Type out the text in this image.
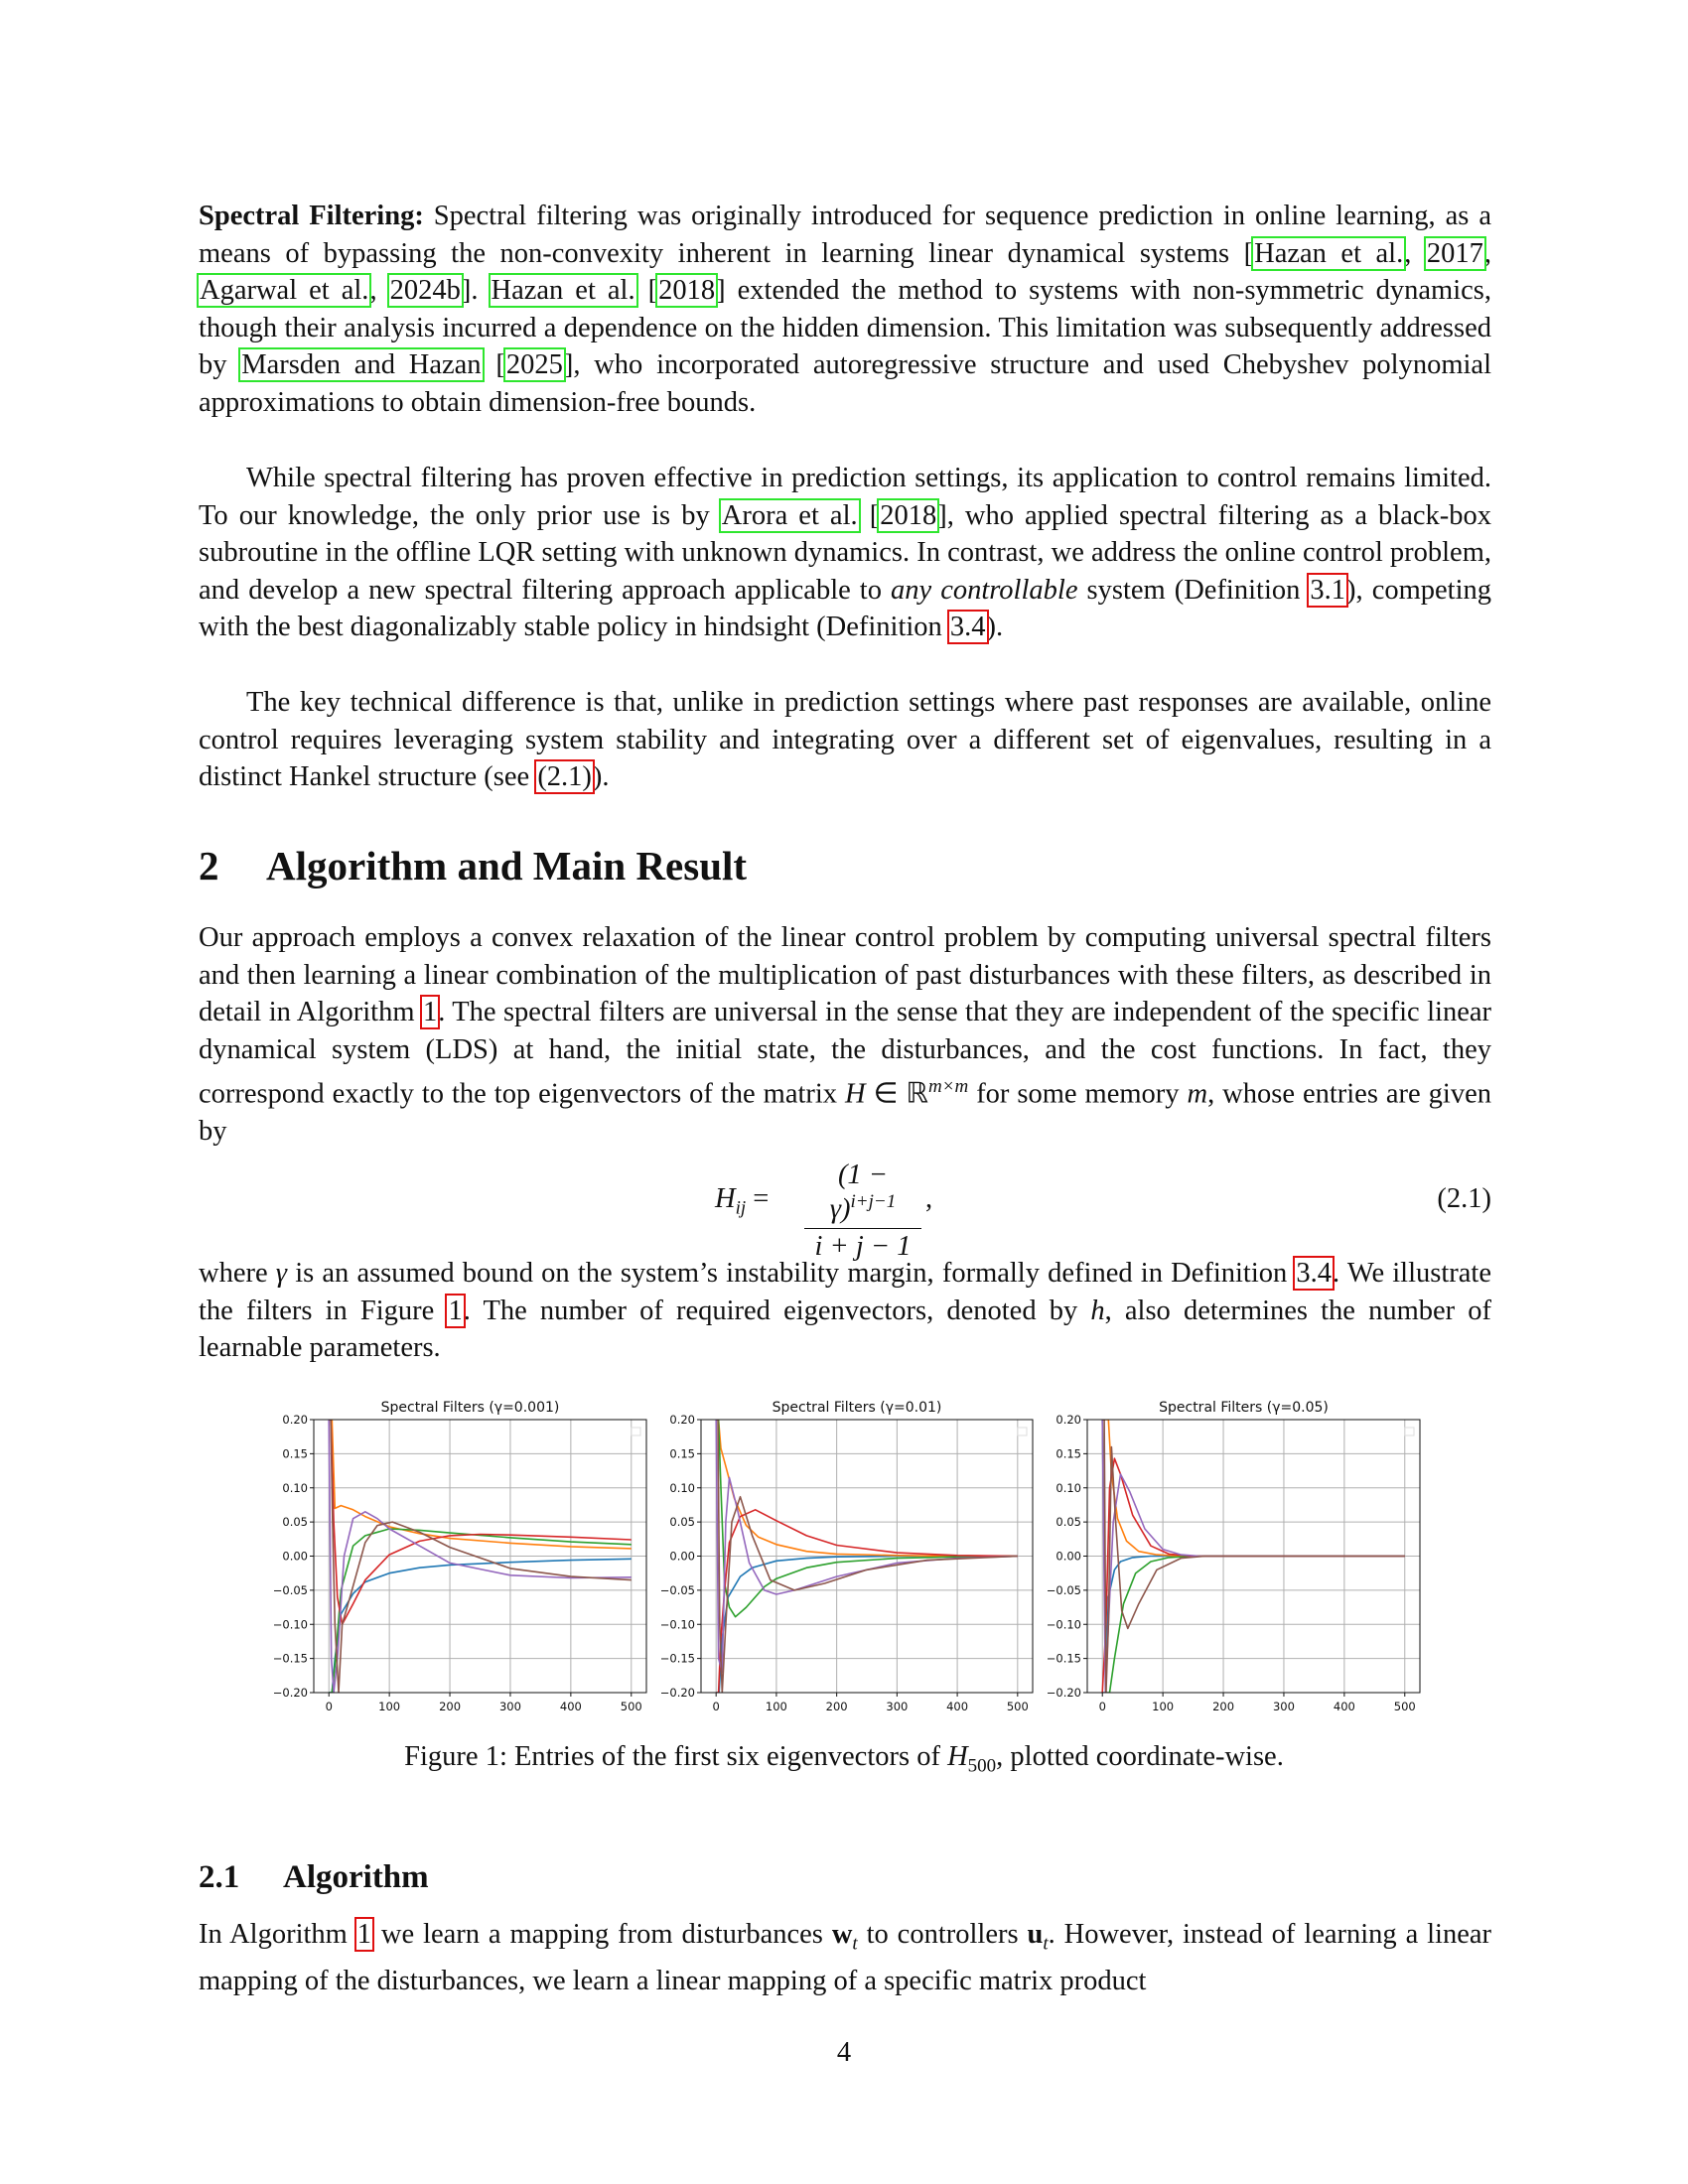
Spectral Filtering: Spectral filtering was originally introduced for sequence prediction in online learning, as a means of bypassing the non-convexity inherent in learning linear dynamical systems [Hazan et al., 2017, Agarwal et al., 2024b]. Hazan et al. [2018] extended the method to systems with non-symmetric dynamics, though their analysis incurred a dependence on the hidden dimension. This limitation was subsequently addressed by Marsden and Hazan [2025], who incorporated autoregressive structure and used Chebyshev polynomial approximations to obtain dimension-free bounds.
While spectral filtering has proven effective in prediction settings, its application to control remains limited. To our knowledge, the only prior use is by Arora et al. [2018], who applied spectral filtering as a black-box subroutine in the offline LQR setting with unknown dynamics. In contrast, we address the online control problem, and develop a new spectral filtering approach applicable to any controllable system (Definition 3.1), competing with the best diagonalizably stable policy in hindsight (Definition 3.4).
The key technical difference is that, unlike in prediction settings where past responses are available, online control requires leveraging system stability and integrating over a different set of eigenvalues, resulting in a distinct Hankel structure (see (2.1)).
2 Algorithm and Main Result
Our approach employs a convex relaxation of the linear control problem by computing universal spectral filters and then learning a linear combination of the multiplication of past disturbances with these filters, as described in detail in Algorithm 1. The spectral filters are universal in the sense that they are independent of the specific linear dynamical system (LDS) at hand, the initial state, the disturbances, and the cost functions. In fact, they correspond exactly to the top eigenvectors of the matrix H ∈ ℝ$^{m\times m}$ for some memory m, whose entries are given by
$H_{ij} = \frac{(1 - \gamma)^{i+j-1}}{i + j - 1}$ ,	(2.1)
where γ is an assumed bound on the system’s instability margin, formally defined in Definition 3.4. We illustrate the filters in Figure 1. The number of required eigenvectors, denoted by h, also determines the number of learnable parameters.
0	100	200	300	400	500
0.20
0.15
0.10
0.05
0.00
−0.05
−0.10
−0.15
−0.20
Spectral Filters (γ=0.001)
0	100	200	300	400	500
0.20
0.15
0.10
0.05
0.00
−0.05
−0.10
−0.15
−0.20
Spectral Filters (γ=0.01)
0	100	200	300	400	500
0.20
0.15
0.10
0.05
0.00
−0.05
−0.10
−0.15
−0.20
Spectral Filters (γ=0.05)
Figure 1: Entries of the first six eigenvectors of $H_{500}$, plotted coordinate-wise.
2.1 Algorithm
In Algorithm 1 we learn a mapping from disturbances $w_t$ to controllers $u_t$. However, instead of learning a linear mapping of the disturbances, we learn a linear mapping of a specific matrix product
4
